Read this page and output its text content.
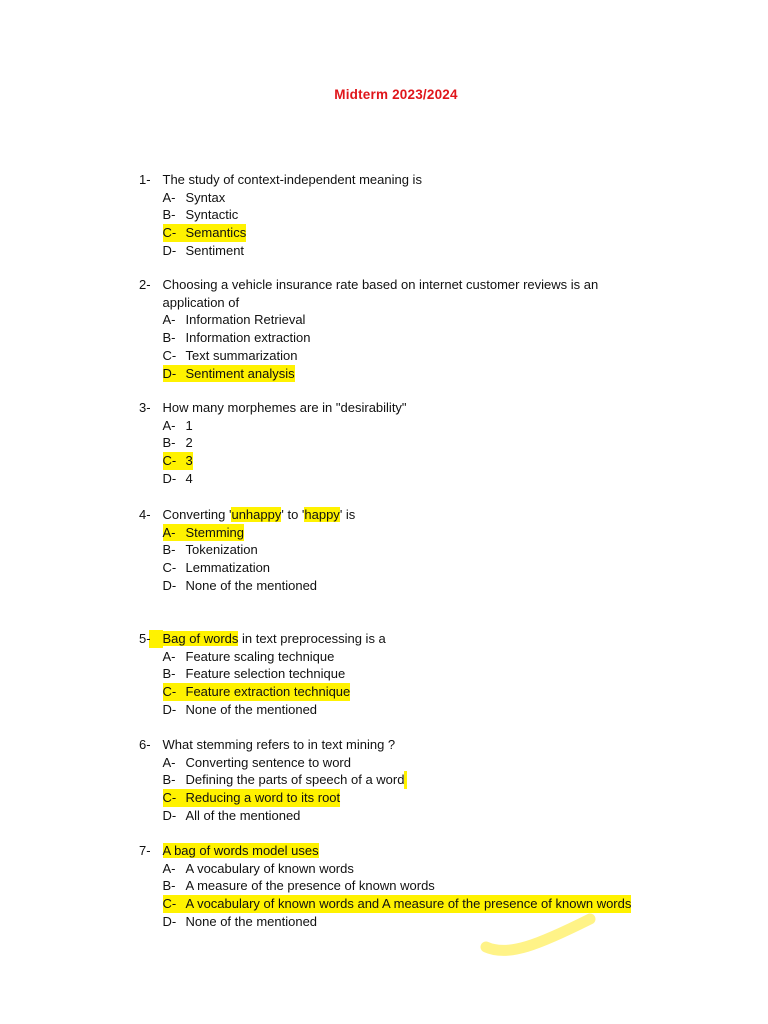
Midterm 2023/2024
1- The study of context-independent meaning is
A- Syntax
B- Syntactic
C- Semantics
D- Sentiment
2- Choosing a vehicle insurance rate based on internet customer reviews is an application of
A- Information Retrieval
B- Information extraction
C- Text summarization
D- Sentiment analysis
3- How many morphemes are in "desirability"
A- 1
B- 2
C- 3
D- 4
4- Converting 'unhappy' to 'happy' is
A- Stemming
B- Tokenization
C- Lemmatization
D- None of the mentioned
5- Bag of words in text preprocessing is a
A- Feature scaling technique
B- Feature selection technique
C- Feature extraction technique
D- None of the mentioned
6- What stemming refers to in text mining ?
A- Converting sentence to word
B- Defining the parts of speech of a word

C- Reducing a word to its root
D- All of the mentioned
7- A bag of words model uses
A- A vocabulary of known words
B- A measure of the presence of known words
C- A vocabulary of known words and A measure of the presence of known words
D- None of the mentioned
